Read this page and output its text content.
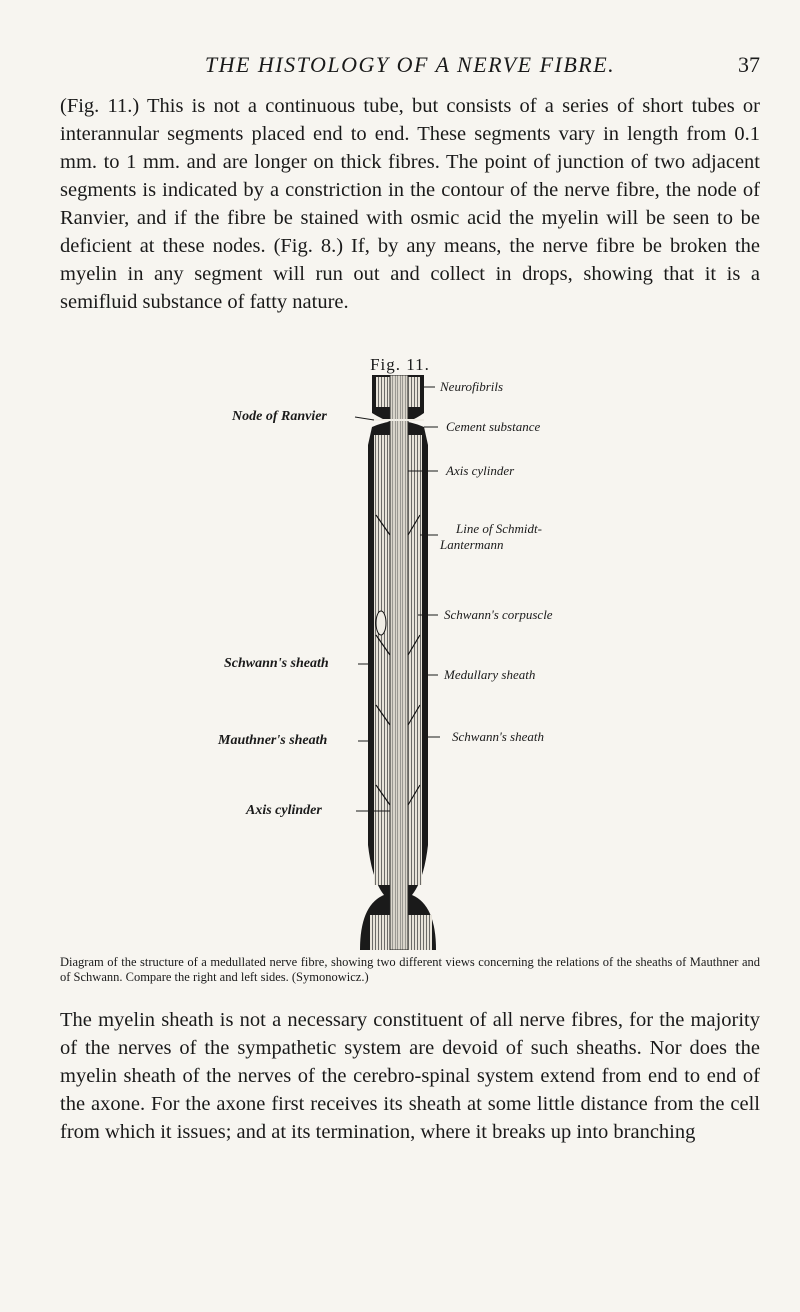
THE HISTOLOGY OF A NERVE FIBRE.	37

(Fig. 11.) This is not a continuous tube, but consists of a series of short tubes or interannular segments placed end to end. These segments vary in length from 0.1 mm. to 1 mm. and are longer on thick fibres. The point of junction of two adjacent segments is indicated by a constriction in the contour of the nerve fibre, the node of Ranvier, and if the fibre be stained with osmic acid the myelin will be seen to be deficient at these nodes. (Fig. 8.) If, by any means, the nerve fibre be broken the myelin in any segment will run out and collect in drops, showing that it is a semifluid substance of fatty nature.

Fig. 11.
Neurofibrils
Cement substance
Axis cylinder
Line of Schmidt-
Lantermann
Schwann's corpuscle
Medullary sheath
Schwann's sheath
Node of Ranvier
Schwann's sheath
Mauthner's sheath
Axis cylinder

Diagram of the structure of a medullated nerve fibre, showing two different views concerning the relations of the sheaths of Mauthner and of Schwann. Compare the right and left sides. (Symonowicz.)

The myelin sheath is not a necessary constituent of all nerve fibres, for the majority of the nerves of the sympathetic system are devoid of such sheaths. Nor does the myelin sheath of the nerves of the cerebro-spinal system extend from end to end of the axone. For the axone first receives its sheath at some little distance from the cell from which it issues; and at its termination, where it breaks up into branching
